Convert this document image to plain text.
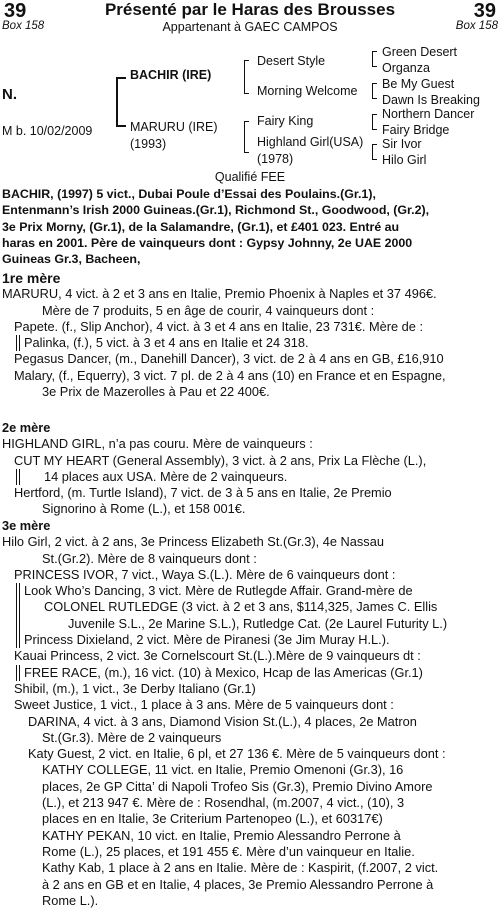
39	Présenté par le Haras des Brousses	39
Box 158	Appartenant à GAEC CAMPOS	Box 158
N.
M b. 10/02/2009
BACHIR (IRE)
MARURU (IRE)
(1993)
Desert Style
Morning Welcome
Fairy King
Highland Girl(USA)
(1978)
Green Desert
Organza
Be My Guest
Dawn Is Breaking
Northern Dancer
Fairy Bridge
Sir Ivor
Hilo Girl
Qualifié FEE
BACHIR, (1997) 5 vict., Dubai Poule d’Essai des Poulains.(Gr.1),
Entenmann’s Irish 2000 Guineas.(Gr.1), Richmond St., Goodwood, (Gr.2),
3e Prix Morny, (Gr.1), de la Salamandre, (Gr.1), et £401 023. Entré au
haras en 2001. Père de vainqueurs dont : Gypsy Johnny, 2e UAE 2000
Guineas Gr.3, Bacheen,
1re mère
MARURU, 4 vict. à 2 et 3 ans en Italie, Premio Phoenix à Naples et 37 496€.
Mère de 7 produits, 5 en âge de courir, 4 vainqueurs dont :
Papete. (f., Slip Anchor), 4 vict. à 3 et 4 ans en Italie, 23 731€. Mère de :
Palinka, (f.), 5 vict. à 3 et 4 ans en Italie et 24 318.
Pegasus Dancer, (m., Danehill Dancer), 3 vict. de 2 à 4 ans en GB, £16,910
Malary, (f., Equerry), 3 vict. 7 pl. de 2 à 4 ans (10) en France et en Espagne,
3e Prix de Mazerolles à Pau et 22 400€.
2e mère
HIGHLAND GIRL, n’a pas couru. Mère de vainqueurs :
CUT MY HEART (General Assembly), 3 vict. à 2 ans, Prix La Flèche (L.),
14 places aux USA. Mère de 2 vainqueurs.
Hertford, (m. Turtle Island), 7 vict. de 3 à 5 ans en Italie, 2e Premio
Signorino à Rome (L.), et 158 001€.
3e mère
Hilo Girl, 2 vict. à 2 ans, 3e Princess Elizabeth St.(Gr.3), 4e Nassau
St.(Gr.2). Mère de 8 vainqueurs dont :
PRINCESS IVOR, 7 vict., Waya S.(L.). Mère de 6 vainqueurs dont :
Look Who’s Dancing, 3 vict. Mère de Rutlegde Affair. Grand-mère de
COLONEL RUTLEDGE (3 vict. à 2 et 3 ans, $114,325, James C. Ellis
Juvenile S.L., 2e Marine S.L.), Rutledge Cat. (2e Laurel Futurity L.)
Princess Dixieland, 2 vict. Mère de Piranesi (3e Jim Muray H.L.).
Kauai Princess, 2 vict. 3e Cornelscourt St.(L.).Mère de 9 vainqueurs dt :
FREE RACE, (m.), 16 vict. (10) à Mexico, Hcap de las Americas (Gr.1)
Shibil, (m.), 1 vict., 3e Derby Italiano (Gr.1)
Sweet Justice, 1 vict., 1 place à 3 ans. Mère de 5 vainqueurs dont :
DARINA, 4 vict. à 3 ans, Diamond Vision St.(L.), 4 places, 2e Matron
St.(Gr.3). Mère de 2 vainqueurs
Katy Guest, 2 vict. en Italie, 6 pl, et 27 136 €. Mère de 5 vainqueurs dont :
KATHY COLLEGE, 11 vict. en Italie, Premio Omenoni (Gr.3), 16
places, 2e GP Citta’ di Napoli Trofeo Sis (Gr.3), Premio Divino Amore
(L.), et 213 947 €. Mère de : Rosendhal, (m.2007, 4 vict., (10), 3
places en en Italie, 3e Criterium Partenopeo (L.), et 60317€)
KATHY PEKAN, 10 vict. en Italie, Premio Alessandro Perrone à
Rome (L.), 25 places, et 191 455 €. Mère d’un vainqueur en Italie.
Kathy Kab, 1 place à 2 ans en Italie. Mère de : Kaspirit, (f.2007, 2 vict.
à 2 ans en GB et en Italie, 4 places, 3e Premio Alessandro Perrone à
Rome L.).
